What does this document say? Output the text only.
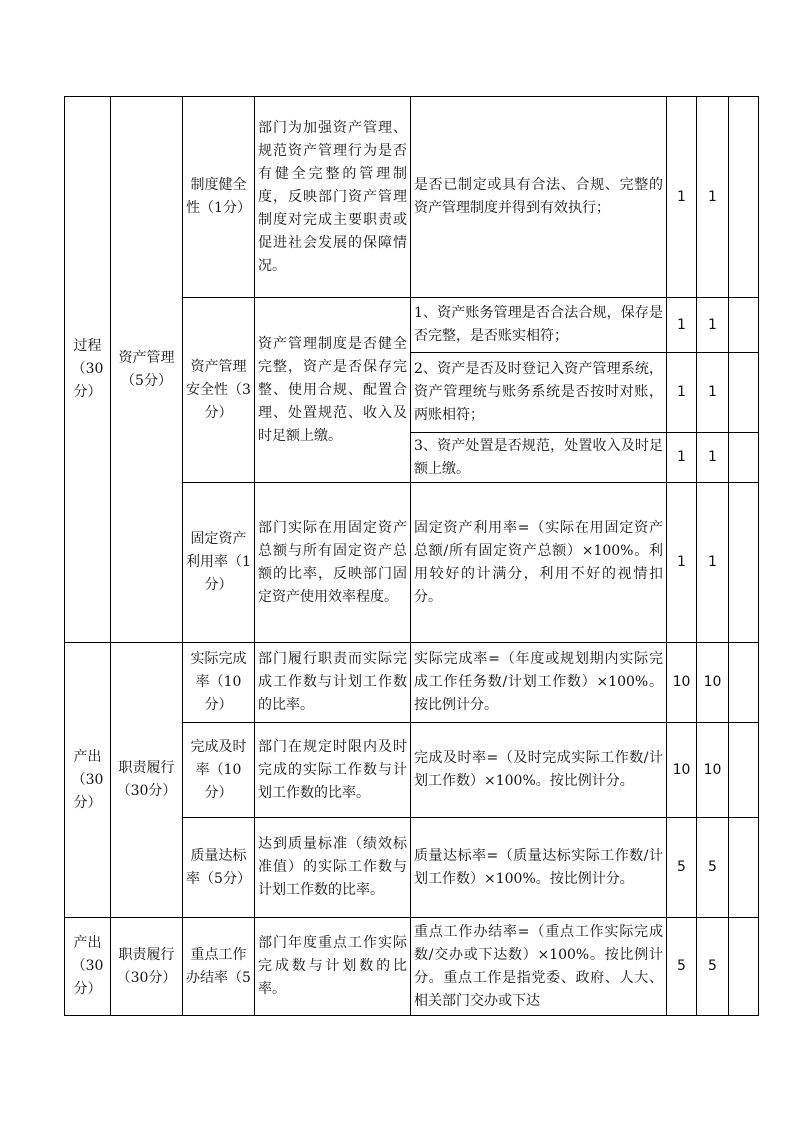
过程（30分）	资产管理（5分）	制度健全性（1分）	部门为加强资产管理、规范资产管理行为是否有健全完整的管理制度，反映部门资产管理制度对完成主要职责或促进社会发展的保障情况。	是否已制定或具有合法、合规、完整的资产管理制度并得到有效执行；	1	1	
		资产管理安全性（3分）	资产管理制度是否健全完整，资产是否保存完整、使用合规、配置合理、处置规范、收入及时足额上缴。	1、资产账务管理是否合法合规，保存是否完整，是否账实相符；	1	1	
				2、资产是否及时登记入资产管理系统，资产管理统与账务系统是否按时对账，两账相符；	1	1	
				3、资产处置是否规范，处置收入及时足额上缴。	1	1	
		固定资产利用率（1分）	部门实际在用固定资产总额与所有固定资产总额的比率，反映部门固定资产使用效率程度。	固定资产利用率=（实际在用固定资产总额/所有固定资产总额）×100%。利用较好的计满分，利用不好的视情扣分。	1	1	
产出（30分）	职责履行（30分）	实际完成率（10分）	部门履行职责而实际完成工作数与计划工作数的比率。	实际完成率=（年度或规划期内实际完成工作任务数/计划工作数）×100%。按比例计分。	10	10	
		完成及时率（10分）	部门在规定时限内及时完成的实际工作数与计划工作数的比率。	完成及时率=（及时完成实际工作数/计划工作数）×100%。按比例计分。	10	10	
		质量达标率（5分）	达到质量标准（绩效标准值）的实际工作数与计划工作数的比率。	质量达标率=（质量达标实际工作数/计划工作数）×100%。按比例计分。	5	5	
产出（30分）	职责履行（30分）	重点工作办结率（5	部门年度重点工作实际完成数与计划数的比率。	重点工作办结率=（重点工作实际完成数/交办或下达数）×100%。按比例计分。重点工作是指党委、政府、人大、相关部门交办或下达	5	5	
